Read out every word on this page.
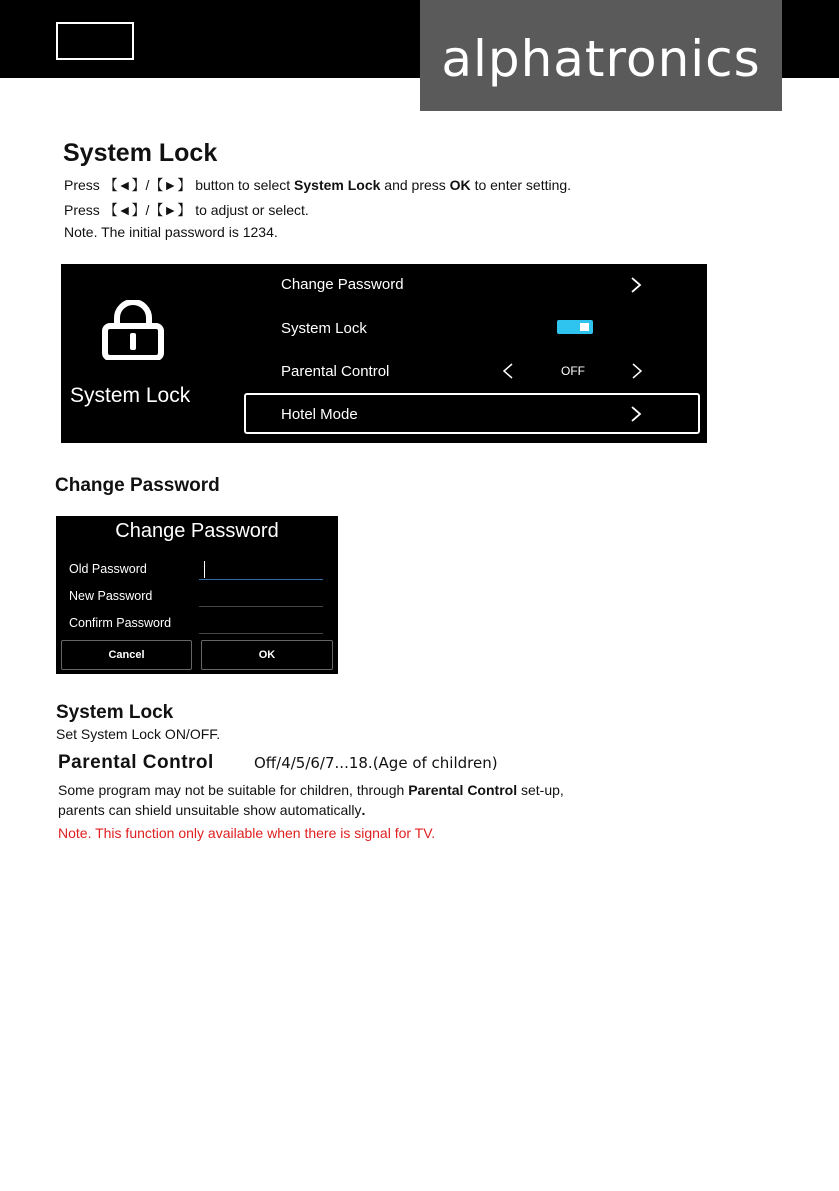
alphatronics
System Lock
Press 【◄】/【►】 button to select System Lock and press OK to enter setting.
Press 【◄】/【►】 to adjust or select.
Note. The initial password is 1234.
System Lock
Change Password
System Lock
Parental Control	OFF
Hotel Mode
Change Password
Change Password
Old Password
New Password
Confirm Password
Cancel	OK
System Lock
Set System Lock ON/OFF.
Parental Control	Off/4/5/6/7...18.(Age of children)
Some program may not be suitable for children, through Parental Control set-up,
parents can shield unsuitable show automatically.
Note. This function only available when there is signal for TV.
